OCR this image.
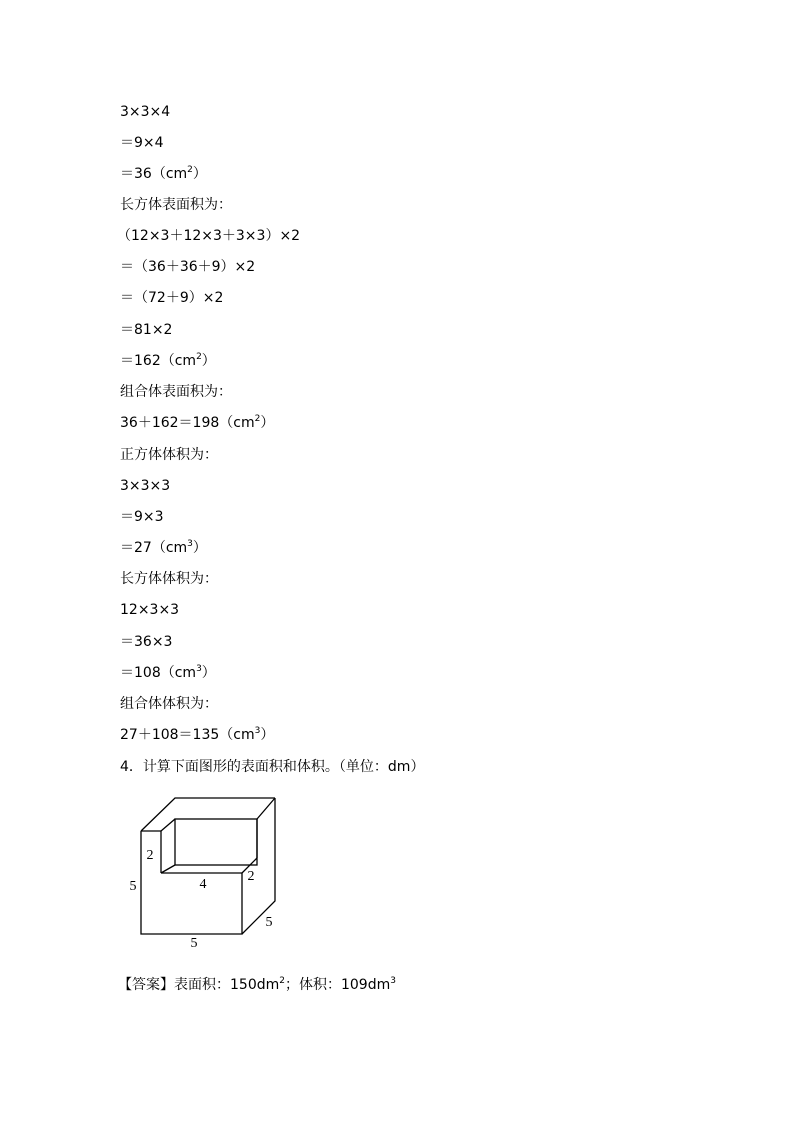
3×3×4
＝9×4
$=36(cm^2)$
长方体表面积为：
（12×3＋12×3＋3×3）×2
＝（36＋36＋9）×2
＝（72＋9）×2
＝81×2
$=162(cm^2)$
组合体表面积为：
$36+162=198(cm^2)$
正方体体积为：
3×3×3
＝9×3
$=27(cm^3)$
长方体体积为：
12×3×3
＝36×3
$=108(cm^3)$
组合体体积为：
$27+108=135(cm^3)$
4．计算下面图形的表面积和体积。（单位：dm）
2
5	4
2
5
5
【答案】表面积：$150dm^2$；体积：$109dm^3$
